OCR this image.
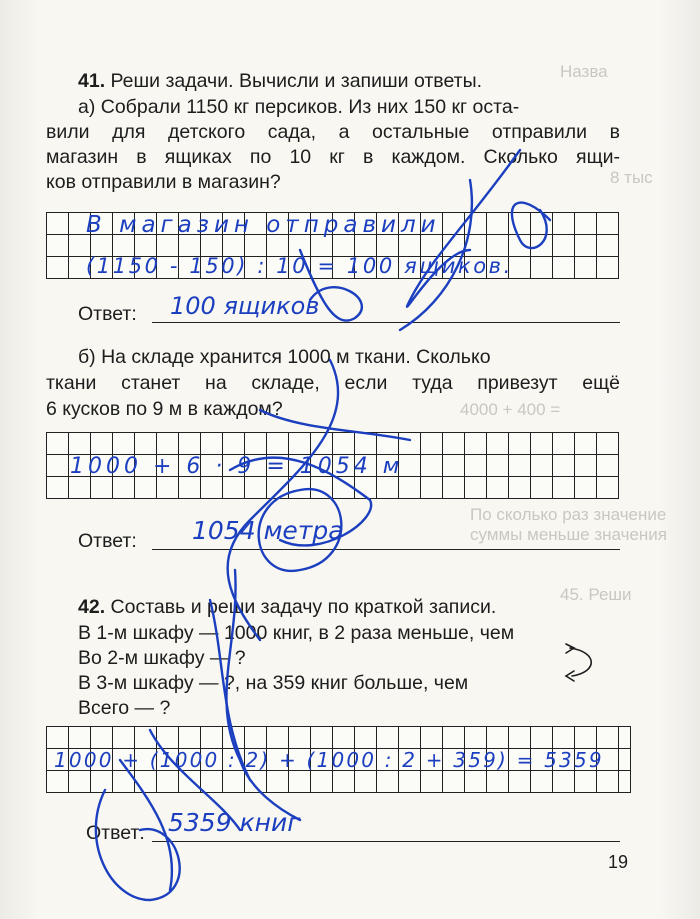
Назва
8 тыс
4000 + 400 =
По сколько раз значение
суммы меньше значения
45. Реши
41. Реши задачи. Вычисли и запиши ответы.
а) Собрали 1150 кг персиков. Из них 150 кг оста-
вили для детского сада, а остальные отправили в
магазин в ящиках по 10 кг в каждом. Сколько ящи-
ков отправили в магазин?
В магазин отправили
(1150 - 150) : 10 = 100 ящиков.
Ответ: 100 ящиков
б) На складе хранится 1000 м ткани. Сколько
ткани станет на складе, если туда привезут ещё
6 кусков по 9 м в каждом?
1000 + 6 · 9 = 1054 м
Ответ: 1054 метра
42. Составь и реши задачу по краткой записи.
В 1-м шкафу — 1000 книг, в 2 раза меньше, чем
Во 2-м шкафу — ?
В 3-м шкафу — ?, на 359 книг больше, чем
Всего — ?
1000 + (1000 : 2) + (1000 : 2 + 359) = 5359
Ответ: 5359 книг
19
